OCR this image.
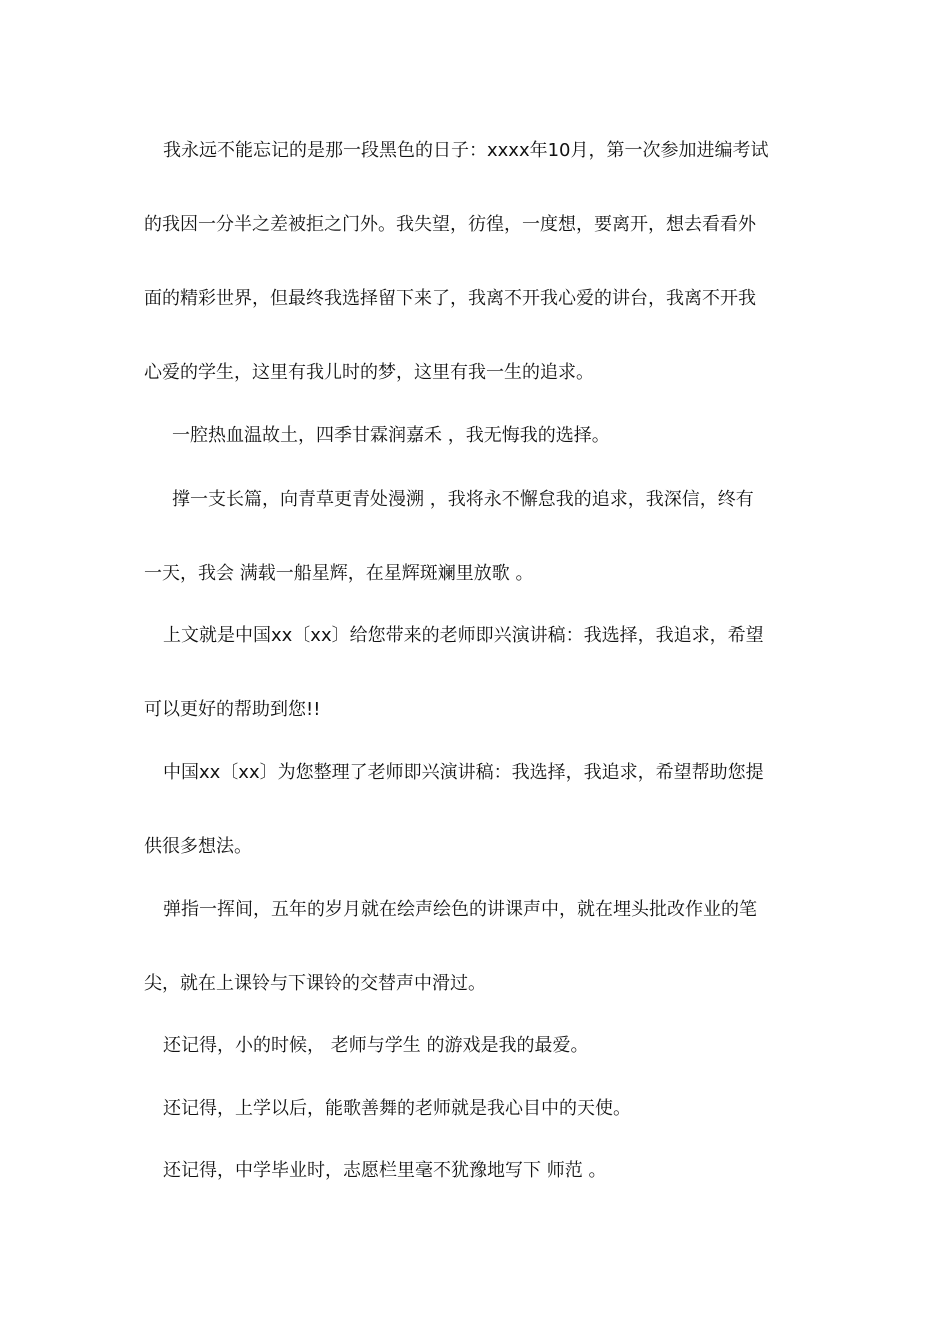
我永远不能忘记的是那一段黑色的日子：xxxx年10月，第一次参加进编考试
的我因一分半之差被拒之门外。我失望，彷徨，一度想，要离开，想去看看外
面的精彩世界，但最终我选择留下来了，我离不开我心爱的讲台，我离不开我
心爱的学生，这里有我儿时的梦，这里有我一生的追求。
一腔热血温故土，四季甘霖润嘉禾 ，我无悔我的选择。
撑一支长篇，向青草更青处漫溯 ，我将永不懈怠我的追求，我深信，终有
一天，我会 满载一船星辉，在星辉斑斓里放歌 。
上文就是中国xx〔xx〕给您带来的老师即兴演讲稿：我选择，我追求，希望
可以更好的帮助到您!!
中国xx〔xx〕为您整理了老师即兴演讲稿：我选择，我追求，希望帮助您提
供很多想法。
弹指一挥间，五年的岁月就在绘声绘色的讲课声中，就在埋头批改作业的笔
尖，就在上课铃与下课铃的交替声中滑过。
还记得，小的时候， 老师与学生 的游戏是我的最爱。
还记得，上学以后，能歌善舞的老师就是我心目中的天使。
还记得，中学毕业时，志愿栏里毫不犹豫地写下 师范 。
